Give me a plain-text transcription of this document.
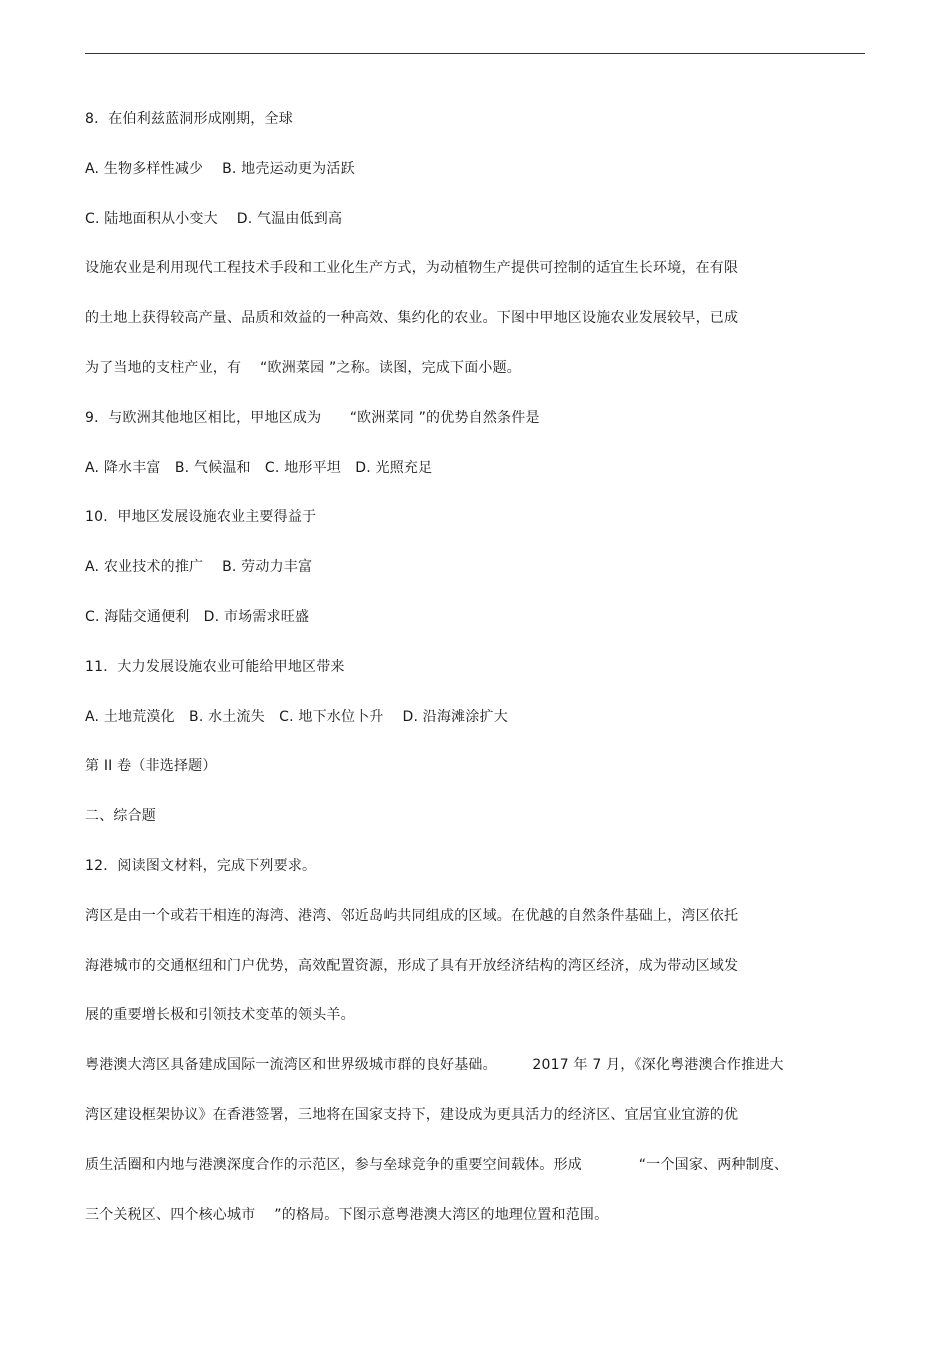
8．在伯利兹蓝洞形成刚期，全球
A. 生物多样性减少　 B. 地壳运动更为活跃
C. 陆地面积从小变大　 D. 气温由低到高
设施农业是利用现代工程技术手段和工业化生产方式，为动植物生产提供可控制的适宜生长环境，在有限
的土地上获得较高产量、品质和效益的一种高效、集约化的农业。下图中甲地区设施农业发展较早，已成
为了当地的支柱产业，有　 “欧洲菜园 ”之称。读图，完成下面小题。
9．与欧洲其他地区相比，甲地区成为　　“欧洲菜同 ”的优势自然条件是
A. 降水丰富　B. 气候温和　C. 地形平坦　D. 光照充足
10．甲地区发展设施农业主要得益于
A. 农业技术的推广　 B. 劳动力丰富
C. 海陆交通便利　D. 市场需求旺盛
11．大力发展设施农业可能给甲地区带来
A. 土地荒漠化　B. 水土流失　C. 地下水位卜升　 D. 沿海滩涂扩大
第 II 卷（非选择题）
二、综合题
12．阅读图文材料，完成下列要求。
湾区是由一个或若干相连的海湾、港湾、邻近岛屿共同组成的区域。在优越的自然条件基础上，湾区依托
海港城市的交通枢纽和门户优势，高效配置资源，形成了具有开放经济结构的湾区经济，成为带动区域发
展的重要增长极和引领技术变革的领头羊。
粤港澳大湾区具备建成国际一流湾区和世界级城市群的良好基础。　　　2017 年 7 月，《深化粤港澳合作推进大
湾区建设框架协议》在香港签署，三地将在国家支持下，建设成为更具活力的经济区、宜居宜业宜游的优
质生活圈和内地与港澳深度合作的示范区，参与垒球竞争的重要空间载体。形成　　　　“一个国家、两种制度、
三个关税区、四个核心城市　 ”的格局。下图示意粤港澳大湾区的地理位置和范围。
